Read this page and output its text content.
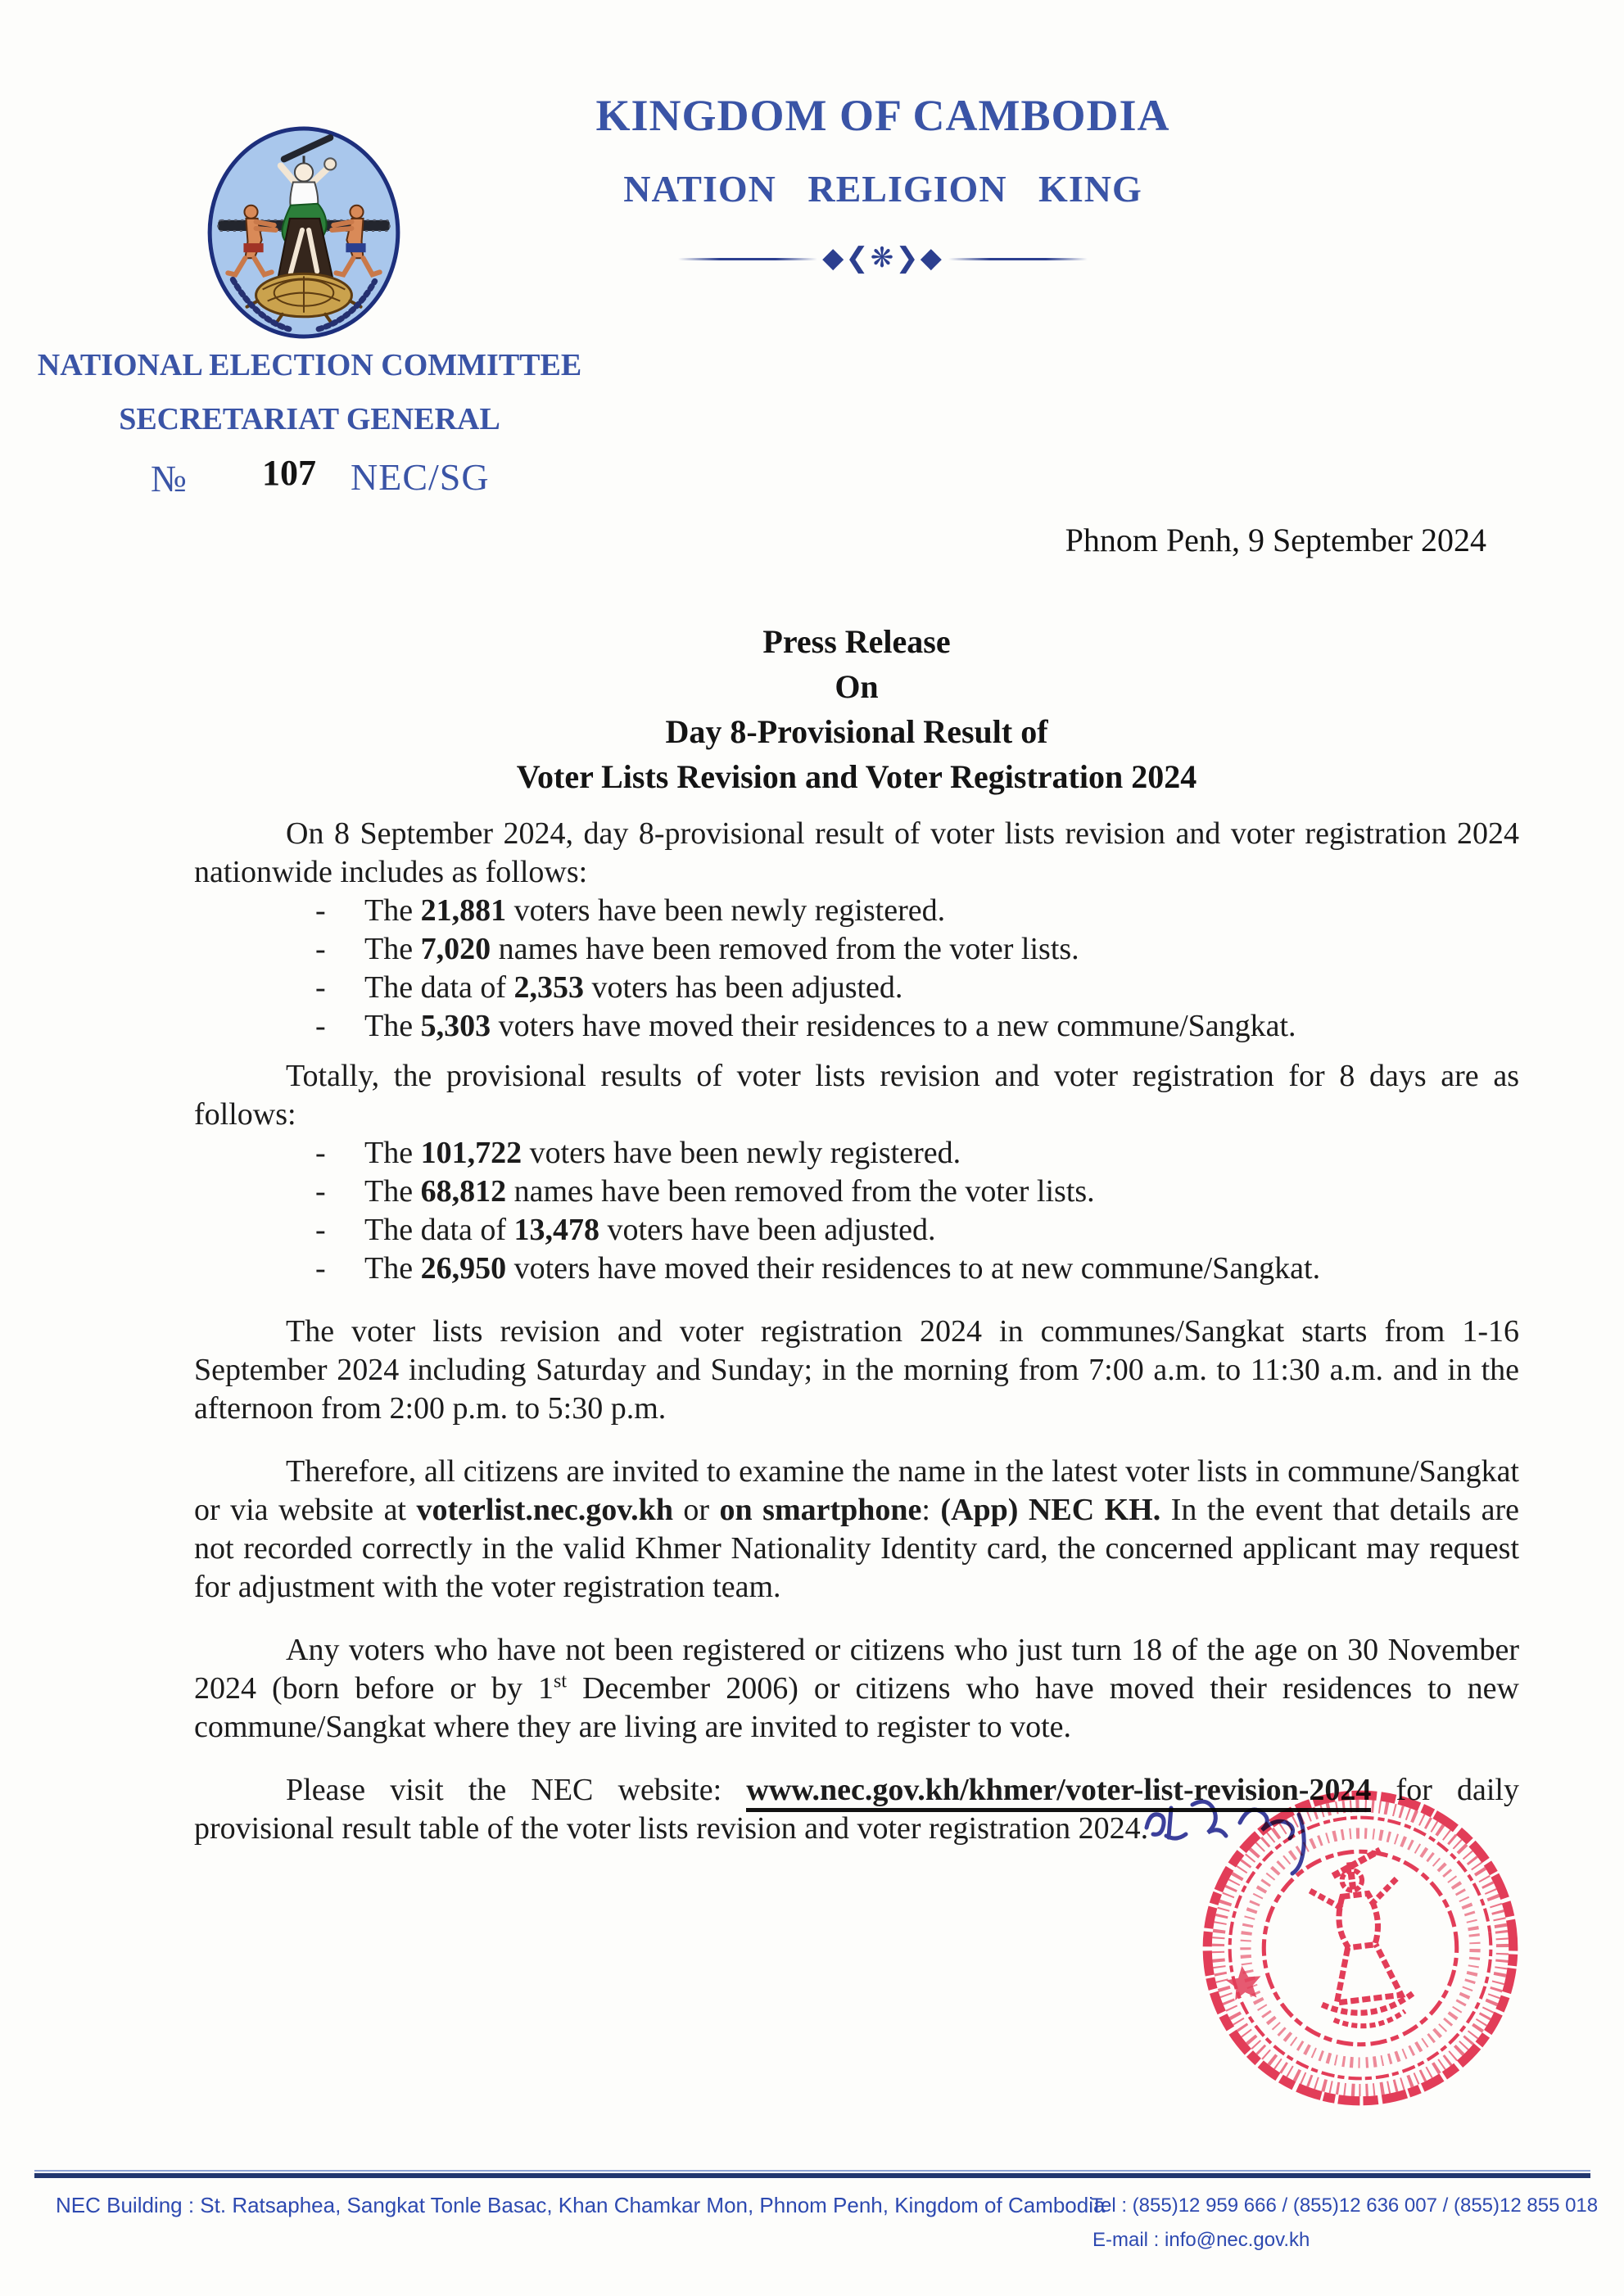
KINGDOM OF CAMBODIA
NATION RELIGION KING
◆❮❋❯◆
NATIONAL ELECTION COMMITTEE
SECRETARIAT GENERAL
№ 107 NEC/SG
Phnom Penh, 9 September 2024
Press Release
On
Day 8-Provisional Result of
Voter Lists Revision and Voter Registration 2024

On 8 September 2024, day 8-provisional result of voter lists revision and voter registration 2024 nationwide includes as follows:

-	The 21,881 voters have been newly registered.
-	The 7,020 names have been removed from the voter lists.
-	The data of 2,353 voters has been adjusted.
-	The 5,303 voters have moved their residences to a new commune/Sangkat.

Totally, the provisional results of voter lists revision and voter registration for 8 days are as follows:

-	The 101,722 voters have been newly registered.
-	The 68,812 names have been removed from the voter lists.
-	The data of 13,478 voters have been adjusted.
-	The 26,950 voters have moved their residences to at new commune/Sangkat.

The voter lists revision and voter registration 2024 in communes/Sangkat starts from 1-16 September 2024 including Saturday and Sunday; in the morning from 7:00 a.m. to 11:30 a.m. and in the afternoon from 2:00 p.m. to 5:30 p.m.

Therefore, all citizens are invited to examine the name in the latest voter lists in commune/Sangkat or via website at voterlist.nec.gov.kh or on smartphone: (App) NEC KH. In the event that details are not recorded correctly in the valid Khmer Nationality Identity card, the concerned applicant may request for adjustment with the voter registration team.

Any voters who have not been registered or citizens who just turn 18 of the age on 30 November 2024 (born before or by 1st December 2006) or citizens who have moved their residences to new commune/Sangkat where they are living are invited to register to vote.

Please visit the NEC website: www.nec.gov.kh/khmer/voter-list-revision-2024 for daily provisional result table of the voter lists revision and voter registration 2024.

NEC Building : St. Ratsaphea, Sangkat Tonle Basac, Khan Chamkar Mon, Phnom Penh, Kingdom of Cambodia
Tel : (855)12 959 666 / (855)12 636 007 / (855)12 855 018
E-mail : info@nec.gov.kh
